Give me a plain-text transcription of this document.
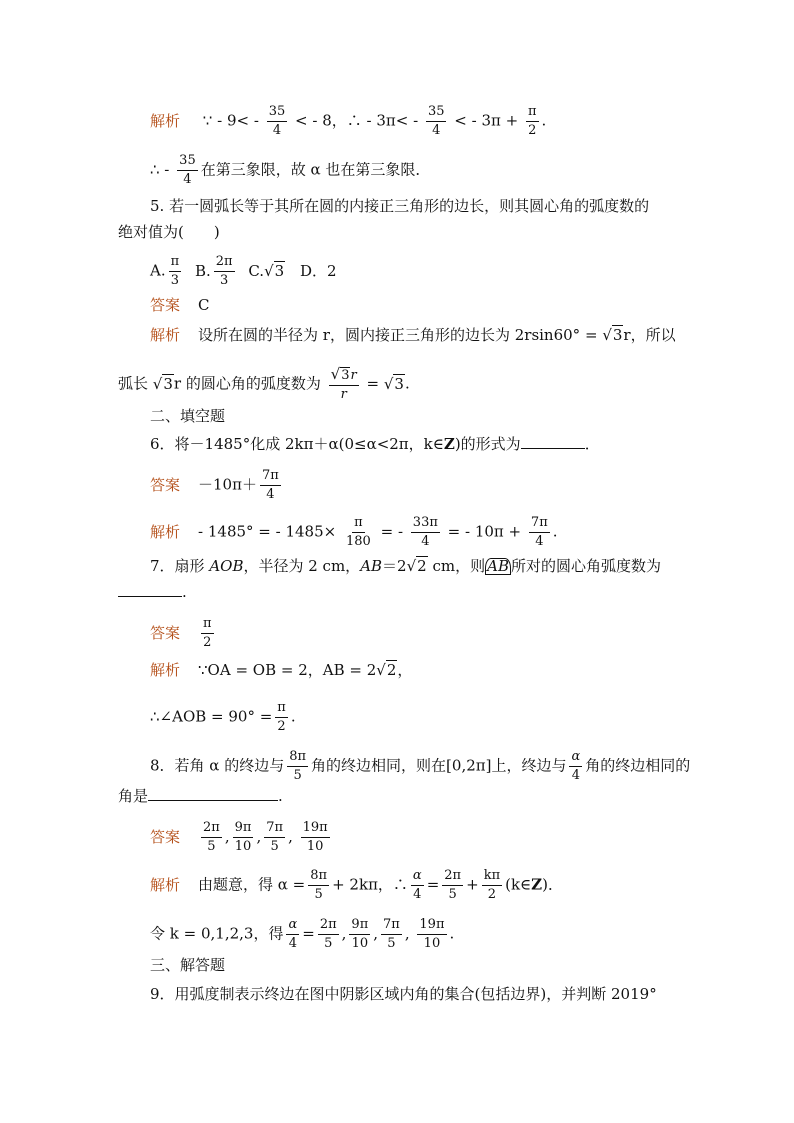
解析 ∵ - $9< - \frac{35}{4}$ < - 8，∴ - $3\pi< - \frac{35}{4}$ < - $3\pi + \frac{\pi}{2}$ .
∴ - $\frac{35}{4}$ 在第三象限，故 α 也在第三象限．
5. 若一圆弧长等于其所在圆的内接正三角形的边长，则其圆心角的弧度数的
绝对值为(　　)
A. $\frac{\pi}{3} B$. $\frac{2\pi}{3} C.√3$ D．2
答案 C
解析 设所在圆的半径为 r，圆内接正三角形的边长为 2rsin60° = √3r，所以
弧长 √3r 的圆心角的弧度数为 $\frac{√3r}{r} = √3$.
二、填空题
6．将－1485°化成 2kπ＋α(0≤α<2π，k∈Z)的形式为	．
答案 $-10\pi+ \frac{7\pi}{4}$
解析 - 1485° = - $1485\times \frac{\pi}{180}$ = - $\frac{33\pi}{4}$ = - $10\pi + \frac{7\pi}{4}$ .
7．扇形 AOB，半径为 2 cm，AB＝2√2 cm，则 AB 所对的圆心角弧度数为
.
答案 $\frac{\pi}{2}$
解析 ∵OA = OB = 2，AB = 2√2，
∴∠AOB = $90^\circ = \frac{\pi}{2}$ .
8．若角 α 的终边与 $\frac{8\pi}{5}$ 角的终边相同，则在[0,2π]上，终边与 $\frac{\alpha}{4}$ 角的终边相同的
角是	.
答案 $\frac{2\pi}{5}$ , $\frac{9\pi}{10}$ , $\frac{7\pi}{5}$ , $\frac{19\pi}{10}$
解析 由题意，得 $\alpha = \frac{8\pi}{5} + 2k\pi$，∴ $\frac{\alpha}{4} = \frac{2\pi}{5} + \frac{k\pi}{2}$ (k∈Z)．
令 k = 0,1,2,3，得 $\frac{\alpha}{4} = \frac{2\pi}{5}$ , $\frac{9\pi}{10}$ , $\frac{7\pi}{5}$ , $\frac{19\pi}{10}$ .
三、解答题
9．用弧度制表示终边在图中阴影区域内角的集合(包括边界)，并判断 2019°
